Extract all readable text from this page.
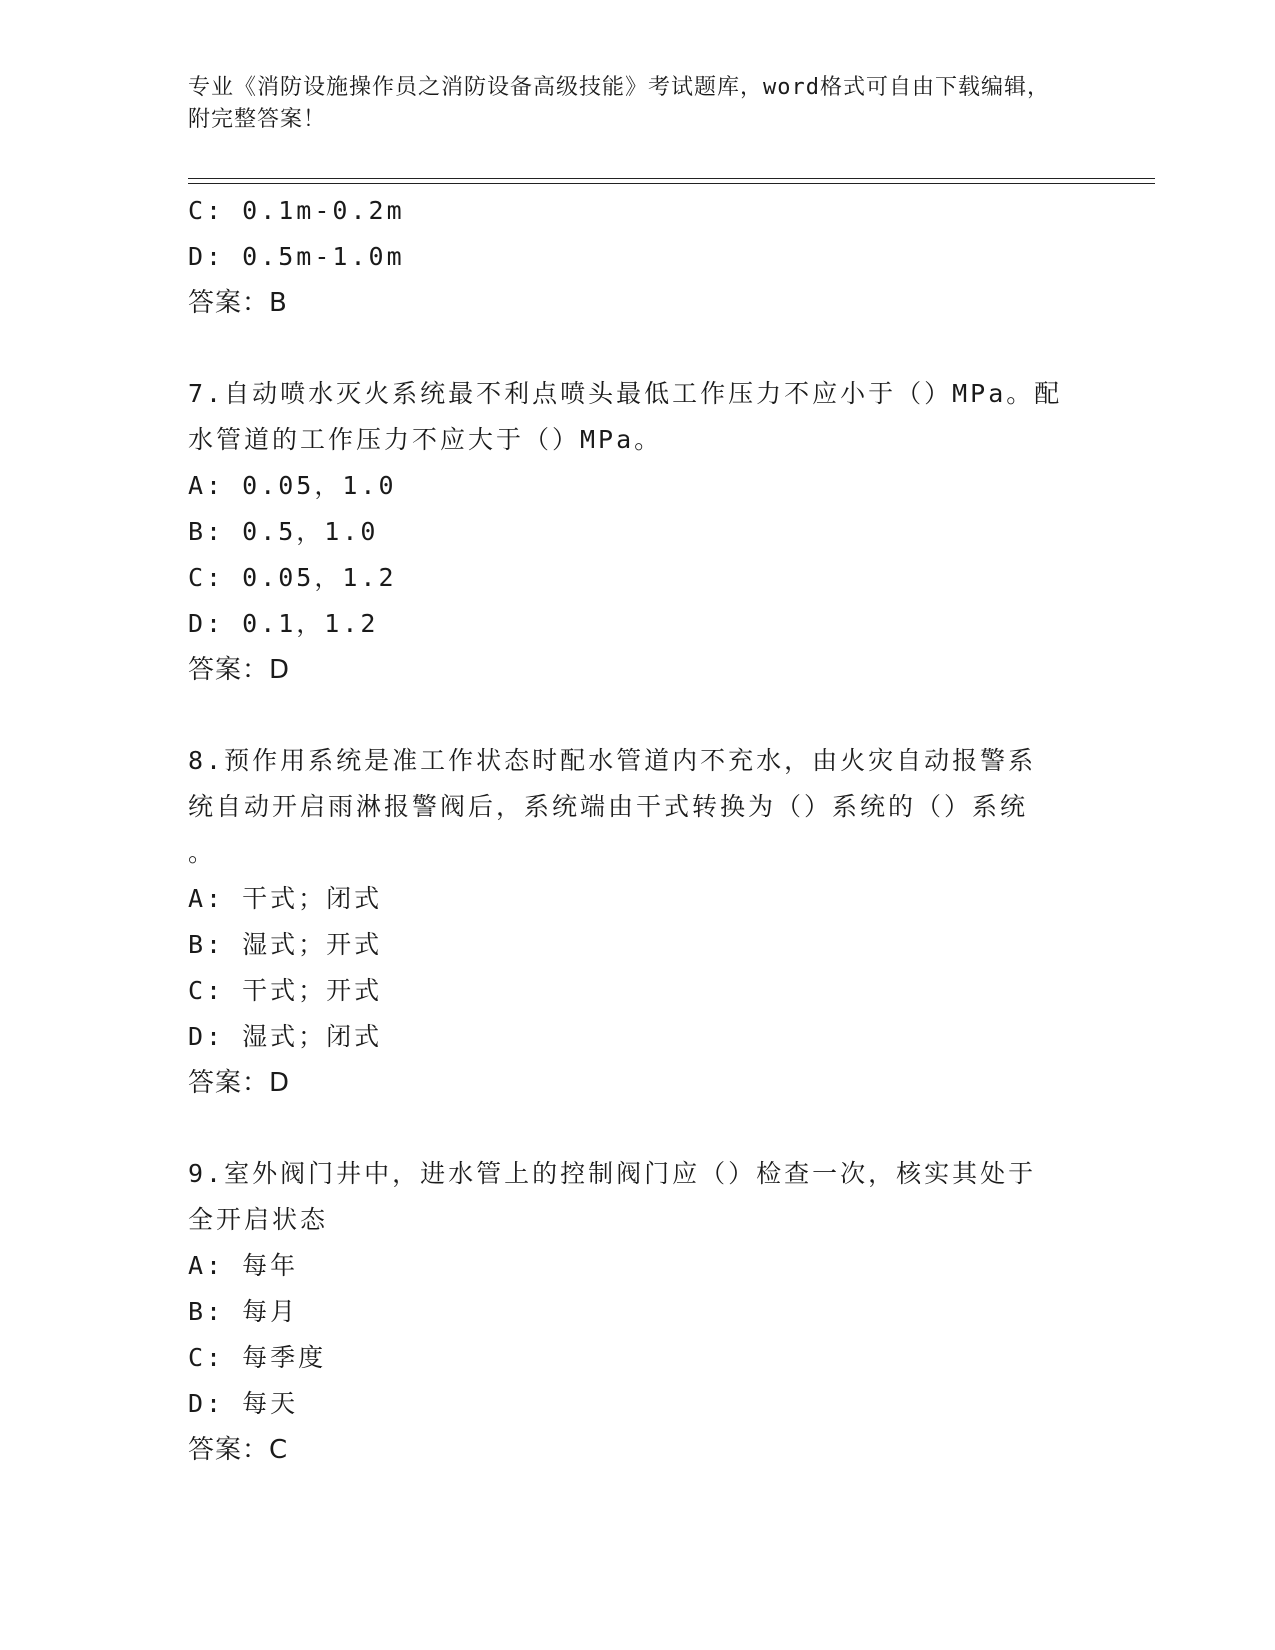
专业《消防设施操作员之消防设备高级技能》考试题库，word格式可自由下载编辑，附完整答案！
C: 0.1m-0.2m
D: 0.5m-1.0m
答案：B
7.自动喷水灭火系统最不利点喷头最低工作压力不应小于（）MPa。配
水管道的工作压力不应大于（）MPa。
A: 0.05，1.0
B: 0.5，1.0
C: 0.05，1.2
D: 0.1，1.2
答案：D
8.预作用系统是准工作状态时配水管道内不充水，由火灾自动报警系
统自动开启雨淋报警阀后，系统端由干式转换为（）系统的（）系统
。
A: 干式；闭式
B: 湿式；开式
C: 干式；开式
D: 湿式；闭式
答案：D
9.室外阀门井中，进水管上的控制阀门应（）检查一次，核实其处于
全开启状态
A: 每年
B: 每月
C: 每季度
D: 每天
答案：C
